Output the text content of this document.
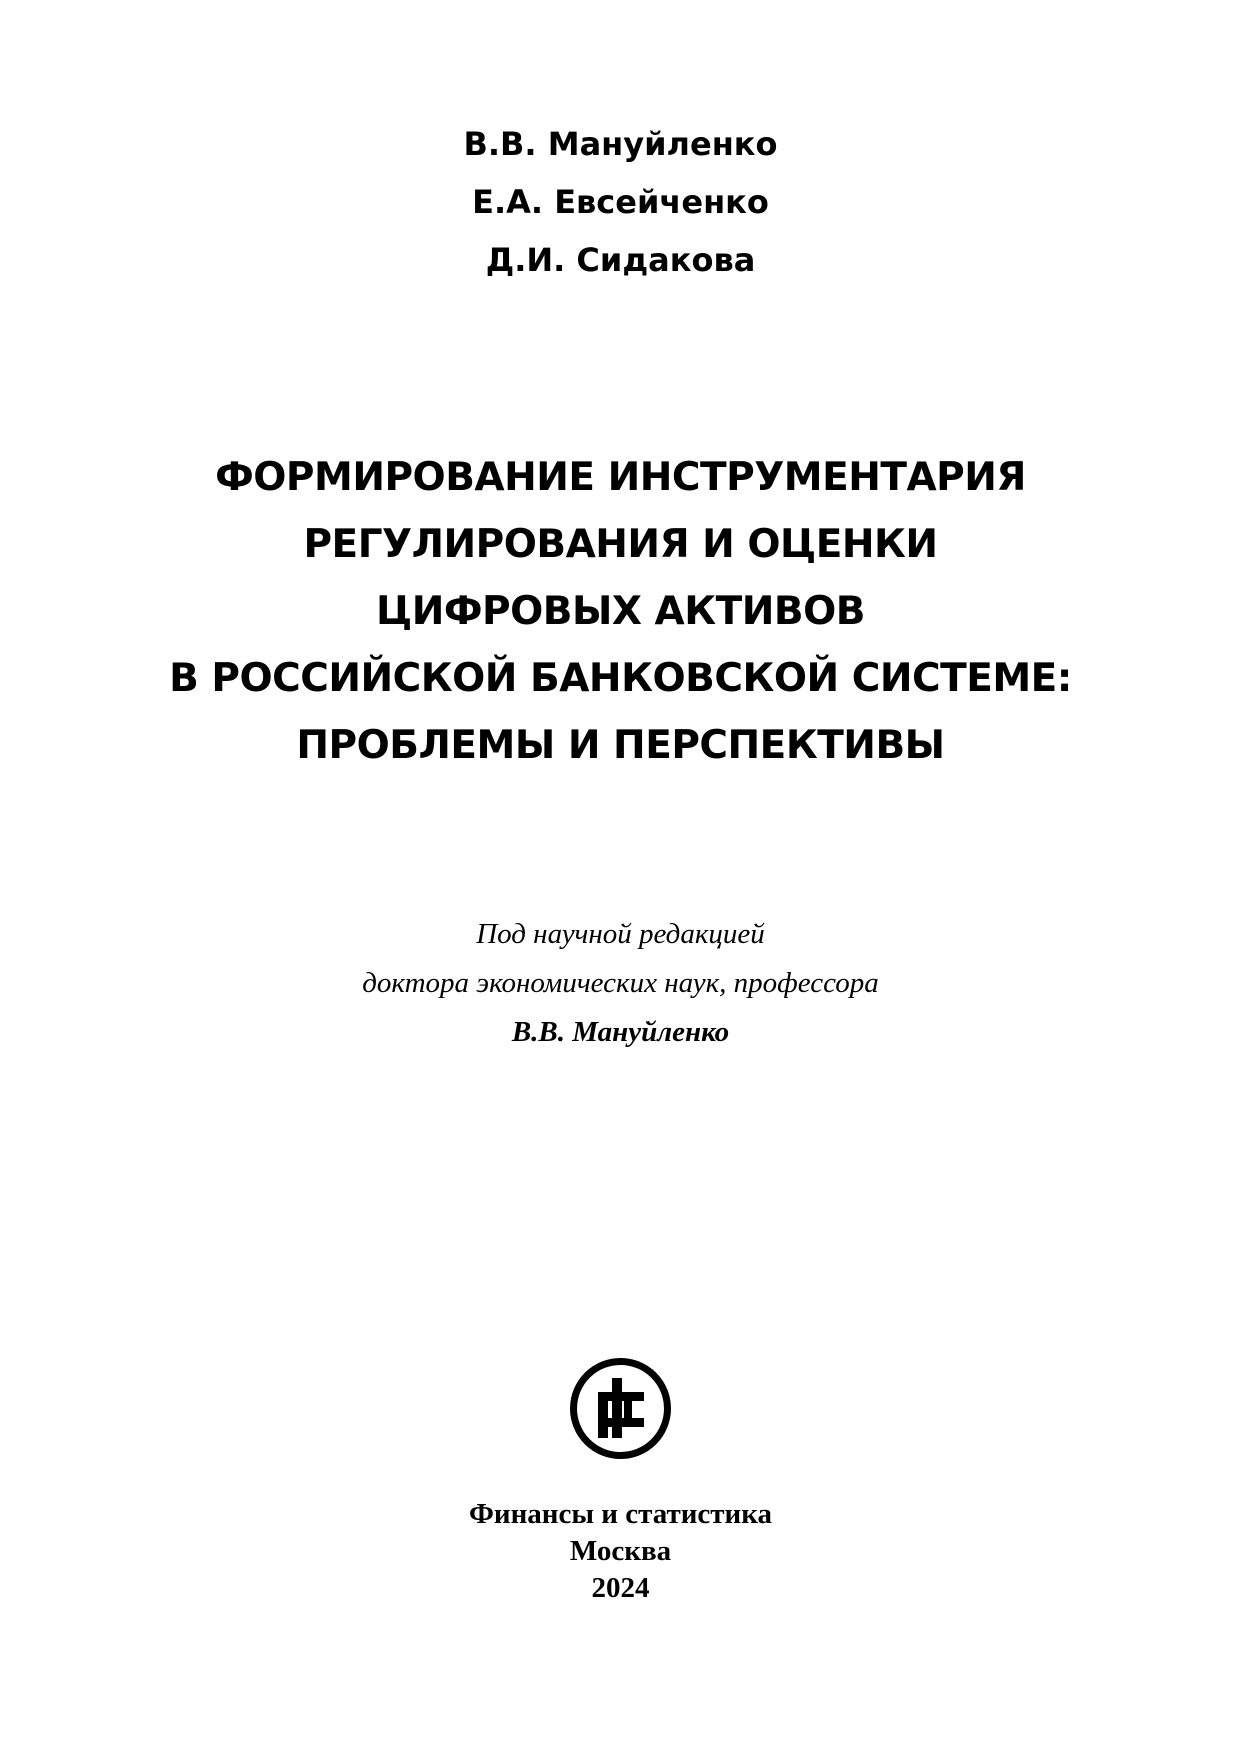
В.В. Мануйленко
Е.А. Евсейченко
Д.И. Сидакова
ФОРМИРОВАНИЕ ИНСТРУМЕНТАРИЯ
РЕГУЛИРОВАНИЯ И ОЦЕНКИ
ЦИФРОВЫХ АКТИВОВ
В РОССИЙСКОЙ БАНКОВСКОЙ СИСТЕМЕ:
ПРОБЛЕМЫ И ПЕРСПЕКТИВЫ
Под научной редакцией
доктора экономических наук, профессора
В.В. Мануйленко
Финансы и статистика
Москва
2024
